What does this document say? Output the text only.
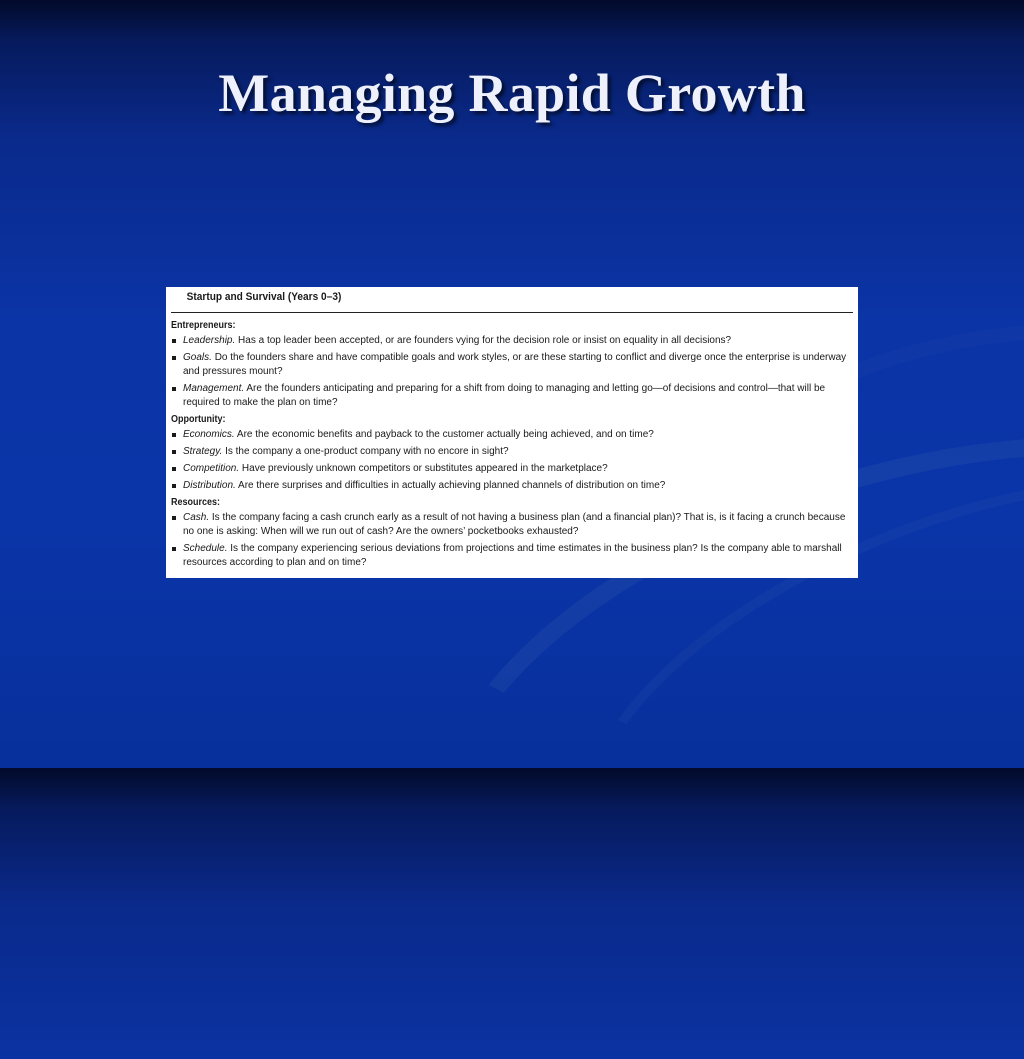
Managing Rapid Growth
Startup and Survival (Years 0–3)
Entrepreneurs:
Leadership. Has a top leader been accepted, or are founders vying for the decision role or insist on equality in all decisions?
Goals. Do the founders share and have compatible goals and work styles, or are these starting to conflict and diverge once the enterprise is underway and pressures mount?
Management. Are the founders anticipating and preparing for a shift from doing to managing and letting go—of decisions and control—that will be required to make the plan on time?
Opportunity:
Economics. Are the economic benefits and payback to the customer actually being achieved, and on time?
Strategy. Is the company a one-product company with no encore in sight?
Competition. Have previously unknown competitors or substitutes appeared in the marketplace?
Distribution. Are there surprises and difficulties in actually achieving planned channels of distribution on time?
Resources:
Cash. Is the company facing a cash crunch early as a result of not having a business plan (and a financial plan)? That is, is it facing a crunch because no one is asking: When will we run out of cash? Are the owners’ pocketbooks exhausted?
Schedule. Is the company experiencing serious deviations from projections and time estimates in the business plan? Is the company able to marshall resources according to plan and on time?
